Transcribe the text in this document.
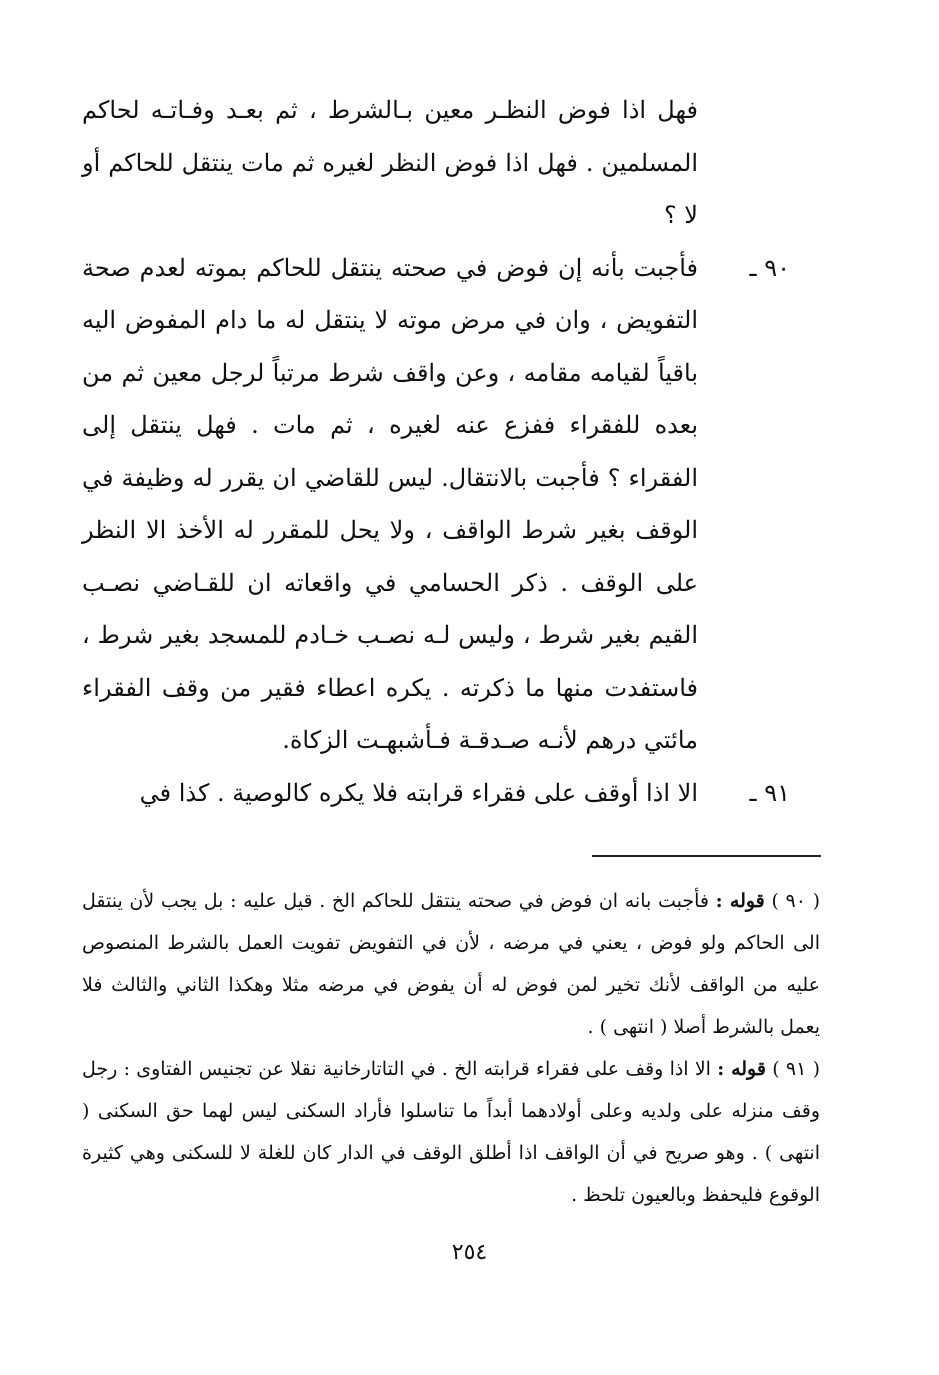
فهل اذا فوض النظـر معين بـالشرط ، ثم بعـد وفـاتـه لحاكم المسلمين . فهل اذا فوض النظر لغيره ثم مات ينتقل للحاكم أو لا ؟

٩٠ ـ
فأجبت بأنه إن فوض في صحته ينتقل للحاكم بموته لعدم صحة التفويض ، وان في مرض موته لا ينتقل له ما دام المفوض اليه باقياً لقيامه مقامه ، وعن واقف شرط مرتباً لرجل معين ثم من بعده للفقراء ففزع عنه لغيره ، ثم مات . فهل ينتقل إلى الفقراء ؟ فأجبت بالانتقال. ليس للقاضي ان يقرر له وظيفة في الوقف بغير شرط الواقف ، ولا يحل للمقرر له الأخذ الا النظر على الوقف . ذكر الحسامي في واقعاته ان للقـاضي نصـب القيم بغير شرط ، وليس لـه نصـب خـادم للمسجد بغير شرط ، فاستفدت منها ما ذكرته . يكره اعطاء فقير من وقف الفقراء مائتي درهم لأنـه صـدقـة فـأشبهـت الزكاة.

٩١ ـ
الا اذا أوقف على فقراء قرابته فلا يكره كالوصية . كذا في

( ٩٠ ) قوله : فأجبت بانه ان فوض في صحته ينتقل للحاكم الخ . قيل عليه : بل يجب لأن ينتقل الى الحاكم ولو فوض ، يعني في مرضه ، لأن في التفويض تفويت العمل بالشرط المنصوص عليه من الواقف لأنك تخير لمن فوض له أن يفوض في مرضه مثلا وهكذا الثاني والثالث فلا يعمل بالشرط أصلا ( انتهى ) .

( ٩١ ) قوله : الا اذا وقف على فقراء قرابته الخ . في التاتارخانية نقلا عن تجنيس الفتاوى : رجل وقف منزله على ولديه وعلى أولادهما أبداً ما تناسلوا فأراد السكنى ليس لهما حق السكنى ( انتهى ) . وهو صريح في أن الواقف اذا أطلق الوقف في الدار كان للغلة لا للسكنى وهي كثيرة الوقوع فليحفظ وبالعيون تلحظ .

٢٥٤
